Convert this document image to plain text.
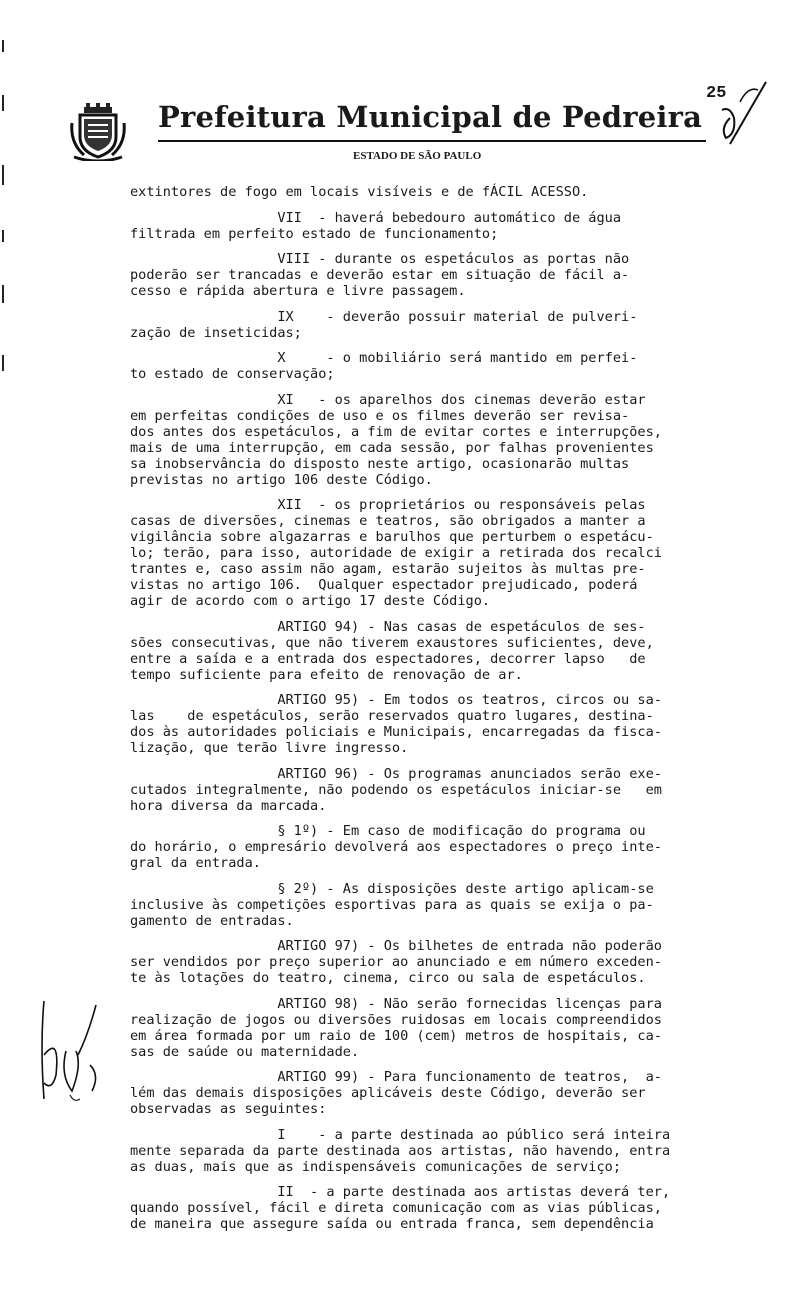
Prefeitura Municipal de Pedreira
ESTADO DE SÃO PAULO
25
extintores de fogo em locais visíveis e de fÁCIL ACESSO.
VII  - haverá bebedouro automático de água
filtrada em perfeito estado de funcionamento;
VIII - durante os espetáculos as portas não
poderão ser trancadas e deverão estar em situação de fácil a-
cesso e rápida abertura e livre passagem.
IX    - deverão possuir material de pulveri-
zação de inseticidas;
X     - o mobiliário será mantido em perfei-
to estado de conservação;
XI   - os aparelhos dos cinemas deverão estar
em perfeitas condições de uso e os filmes deverão ser revisa-
dos antes dos espetáculos, a fim de evitar cortes e interrupções,
mais de uma interrupção, em cada sessão, por falhas provenientes
sa inobservância do disposto neste artigo, ocasionarão multas
previstas no artigo 106 deste Código.
XII  - os proprietários ou responsáveis pelas
casas de diversões, cinemas e teatros, são obrigados a manter a
vigilância sobre algazarras e barulhos que perturbem o espetácu-
lo; terão, para isso, autoridade de exigir a retirada dos recalci
trantes e, caso assim não agam, estarão sujeitos às multas pre-
vistas no artigo 106.  Qualquer espectador prejudicado, poderá
agir de acordo com o artigo 17 deste Código.
ARTIGO 94) - Nas casas de espetáculos de ses-
sões consecutivas, que não tiverem exaustores suficientes, deve,
entre a saída e a entrada dos espectadores, decorrer lapso   de
tempo suficiente para efeito de renovação de ar.
ARTIGO 95) - Em todos os teatros, circos ou sa-
las    de espetáculos, serão reservados quatro lugares, destina-
dos às autoridades policiais e Municipais, encarregadas da fisca-
lização, que terão livre ingresso.
ARTIGO 96) - Os programas anunciados serão exe-
cutados integralmente, não podendo os espetáculos iniciar-se   em
hora diversa da marcada.
§ 1º) - Em caso de modificação do programa ou
do horário, o empresário devolverá aos espectadores o preço inte-
gral da entrada.
§ 2º) - As disposições deste artigo aplicam-se
inclusive às competições esportivas para as quais se exija o pa-
gamento de entradas.
ARTIGO 97) - Os bilhetes de entrada não poderão
ser vendidos por preço superior ao anunciado e em número exceden-
te às lotações do teatro, cinema, circo ou sala de espetáculos.
ARTIGO 98) - Não serão fornecidas licenças para
realização de jogos ou diversões ruidosas em locais compreendidos
em área formada por um raio de 100 (cem) metros de hospitais, ca-
sas de saúde ou maternidade.
ARTIGO 99) - Para funcionamento de teatros,  a-
lém das demais disposições aplicáveis deste Código, deverão ser
observadas as seguintes:
I    - a parte destinada ao público será inteira
mente separada da parte destinada aos artistas, não havendo, entra
as duas, mais que as indispensáveis comunicações de serviço;
II  - a parte destinada aos artistas deverá ter,
quando possível, fácil e direta comunicação com as vias públicas,
de maneira que assegure saída ou entrada franca, sem dependência
